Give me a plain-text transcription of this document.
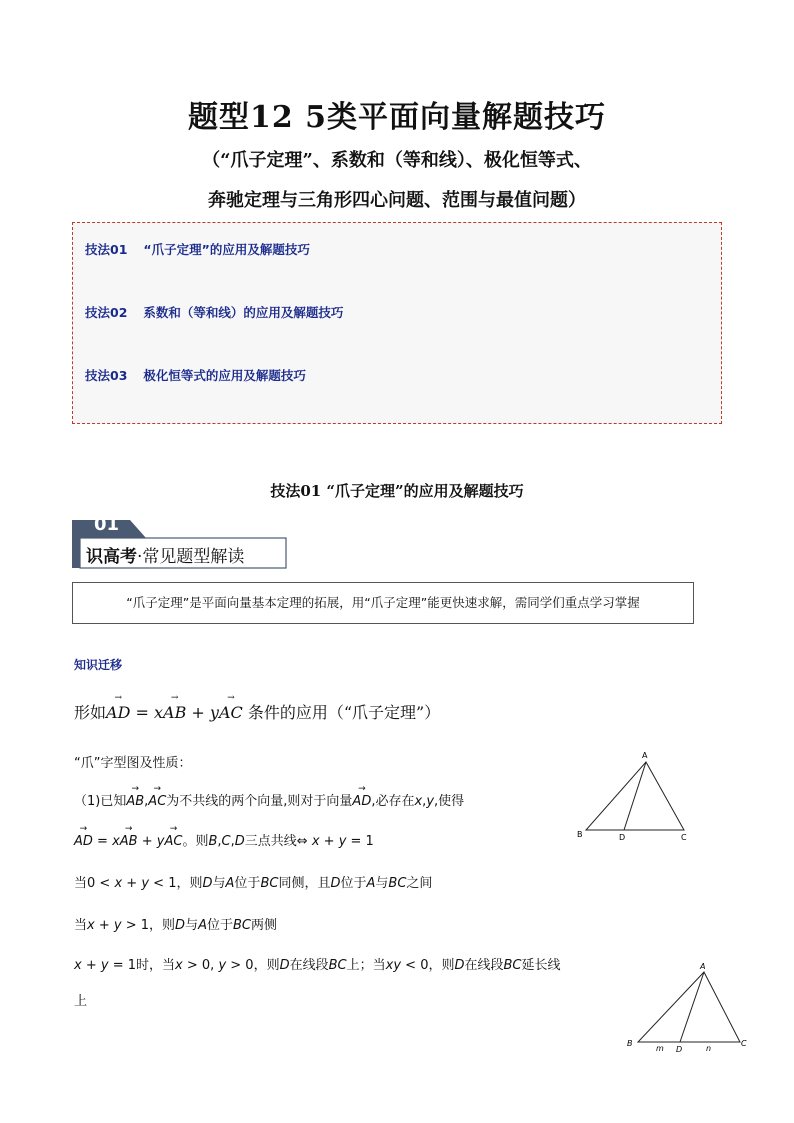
题型12 5类平面向量解题技巧
（“爪子定理”、系数和（等和线）、极化恒等式、
奔驰定理与三角形四心问题、范围与最值问题）
技法01 “爪子定理”的应用及解题技巧
技法02 系数和（等和线）的应用及解题技巧
技法03 极化恒等式的应用及解题技巧
技法01 “爪子定理”的应用及解题技巧
01
识高考·常见题型解读
“爪子定理”是平面向量基本定理的拓展，用“爪子定理”能更快速求解，需同学们重点学习掌握
知识迁移
形如→ AD = x→ AB + y→ AC 条件的应用（“爪子定理”）
“爪”字型图及性质：
（1)已知→ AB,→ AC为不共线的两个向量,则对于向量→ AD,必存在x,y,使得
→ AD = x→ AB + y→ AC。则B,C,D三点共线⇔ x + y = 1
当0 < x + y < 1，则D与A位于BC同侧，且D位于A与BC之间
当x + y > 1，则D与A位于BC两侧
x + y = 1时，当x > 0, y > 0，则D在线段BC上；当xy < 0，则D在线段BC延长线
上
A
B	C
D
A
B	C
D
m	n
